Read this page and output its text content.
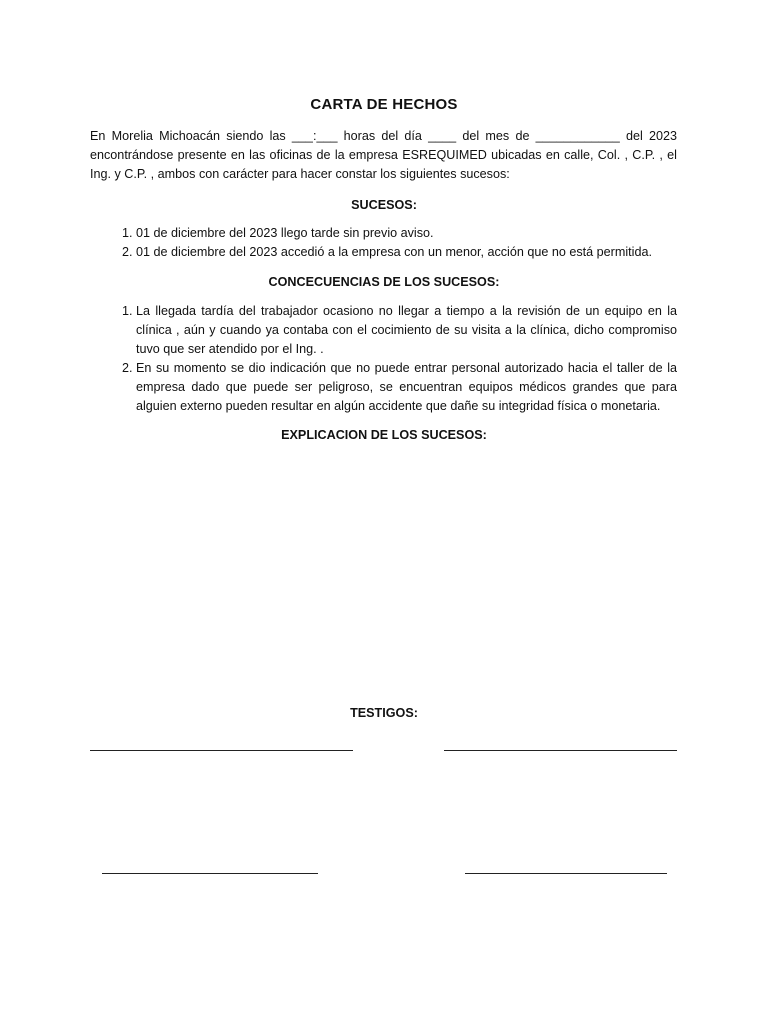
CARTA DE HECHOS
En Morelia Michoacán siendo las ___:___ horas del día ____ del mes de ____________ del 2023 encontrándose presente en las oficinas de la empresa ESREQUIMED ubicadas en calle, Col. , C.P. , el Ing. y C.P. , ambos con carácter para hacer constar los siguientes sucesos:
SUCESOS:
1. 01 de diciembre del 2023 llego tarde sin previo aviso.
2. 01 de diciembre del 2023 accedió a la empresa con un menor, acción que no está permitida.
CONCECUENCIAS DE LOS SUCESOS:
1. La llegada tardía del trabajador ocasiono no llegar a tiempo a la revisión de un equipo en la clínica , aún y cuando ya contaba con el cocimiento de su visita a la clínica, dicho compromiso tuvo que ser atendido por el Ing. .
2. En su momento se dio indicación que no puede entrar personal autorizado hacia el taller de la empresa dado que puede ser peligroso, se encuentran equipos médicos grandes que para alguien externo pueden resultar en algún accidente que dañe su integridad física o monetaria.
EXPLICACION DE LOS SUCESOS:
TESTIGOS:
